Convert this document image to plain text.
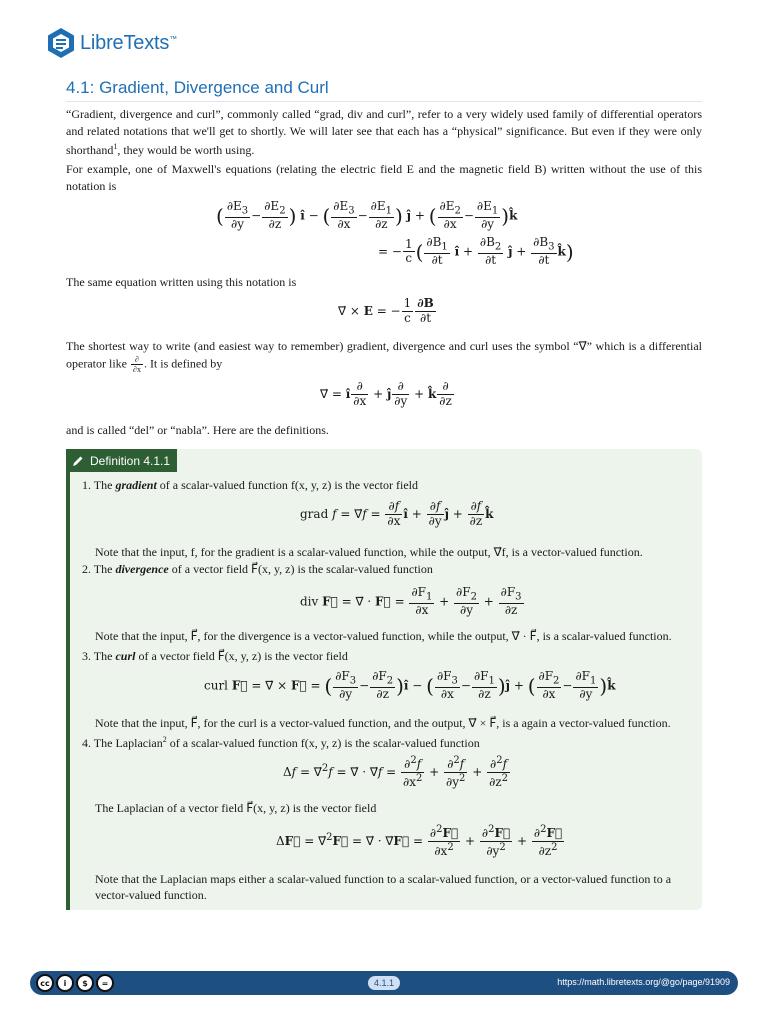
LibreTexts™
4.1: Gradient, Divergence and Curl
“Gradient, divergence and curl”, commonly called “grad, div and curl”, refer to a very widely used family of differential operators and related notations that we'll get to shortly. We will later see that each has a “physical” significance. But even if they were only shorthand$^1$, they would be worth using.
For example, one of Maxwell's equations (relating the electric field E and the magnetic field B) written without the use of this notation is
( $\frac{\partial E_3}{\partial y} - \frac{\partial E_2}{\partial z}$ ) î − ( $\frac{\partial E_3}{\partial x} - \frac{\partial E_1}{\partial z}$ ) ĵ + ( $\frac{\partial E_2}{\partial x} - \frac{\partial E_1}{\partial y}$ )k̂
= − $\frac{1}{c}$ ( $\frac{\partial B_1}{\partial t}$ î + $\frac{\partial B_2}{\partial t}$ ĵ + $\frac{\partial B_3}{\partial t}$ k̂)
The same equation written using this notation is
∇⃗ × E = − $\frac{1}{c} \frac{\partial B}{\partial t}$
The shortest way to write (and easiest way to remember) gradient, divergence and curl uses the symbol “∇⃗” which is a differential operator like $\frac{\partial}{\partial x}$ . It is defined by
∇⃗ = î $\frac{\partial}{\partial x}$ + ĵ $\frac{\partial}{\partial y}$ + k̂ $\frac{\partial}{\partial z}$
and is called “del” or “nabla”. Here are the definitions.
Definition 4.1.1
1. The gradient of a scalar-valued function f(x, y, z) is the vector field
grad f = ∇⃗f = $\frac{\partial f}{\partial x}$ î + $\frac{\partial f}{\partial y}$ ĵ + $\frac{\partial f}{\partial z}$ k̂
Note that the input, f, for the gradient is a scalar-valued function, while the output, ∇⃗f, is a vector-valued function.
2. The divergence of a vector field F⃗(x, y, z) is the scalar-valued function
div F⃗ = ∇⃗ · F⃗ = $\frac{\partial F_1}{\partial x} + \frac{\partial F_2}{\partial y} + \frac{\partial F_3}{\partial z}$
Note that the input, F⃗, for the divergence is a vector-valued function, while the output, ∇⃗ · F⃗, is a scalar-valued function.
3. The curl of a vector field F⃗(x, y, z) is the vector field
curl F⃗ = ∇⃗ × F⃗ = ( $\frac{\partial F_3}{\partial y} - \frac{\partial F_2}{\partial z}$ )î − ( $\frac{\partial F_3}{\partial x} - \frac{\partial F_1}{\partial z}$ )ĵ + ( $\frac{\partial F_2}{\partial x} - \frac{\partial F_1}{\partial y}$ )k̂
Note that the input, F⃗, for the curl is a vector-valued function, and the output, ∇⃗ × F⃗, is a again a vector-valued function.
4. The Laplacian$^2$ of a scalar-valued function f(x, y, z) is the scalar-valued function
Δf = ∇⃗$^2$f = ∇⃗ · ∇⃗f = $\frac{\partial^2f}{\partial x^2} + \frac{\partial^2f}{\partial y^2} + \frac{\partial^2f}{\partial z^2}$
The Laplacian of a vector field F⃗(x, y, z) is the vector field
ΔF⃗ = ∇⃗$^2$F⃗ = ∇⃗ · ∇⃗F⃗ = $\frac{\partial^2F⃗}{\partial x^2} + \frac{\partial^2F⃗}{\partial y^2} + \frac{\partial^2F⃗}{\partial z^2}$
Note that the Laplacian maps either a scalar-valued function to a scalar-valued function, or a vector-valued function to a vector-valued function.
cc	i	$	=	4.1.1	https://math.libretexts.org/@go/page/91909
